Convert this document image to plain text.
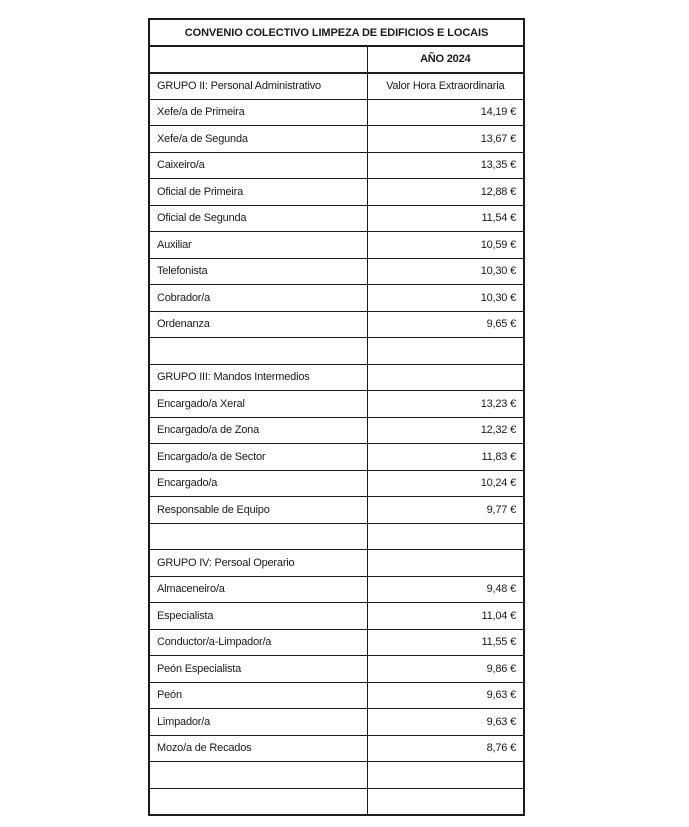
CONVENIO COLECTIVO LIMPEZA DE EDIFICIOS E LOCAIS	
	AÑO 2024
GRUPO II: Personal Administrativo	Valor Hora Extraordinaria
Xefe/a de Primeira	14,19 €
Xefe/a de Segunda	13,67 €
Caixeiro/a	13,35 €
Oficial de Primeira	12,88 €
Oficial de Segunda	11,54 €
Auxiliar	10,59 €
Telefonista	10,30 €
Cobrador/a	10,30 €
Ordenanza	9,65 €

GRUPO III: Mandos Intermedios	
Encargado/a Xeral	13,23 €
Encargado/a de Zona	12,32 €
Encargado/a de Sector	11,83 €
Encargado/a	10,24 €
Responsable de Equipo	9,77 €

GRUPO IV: Persoal Operario	
Almaceneiro/a	9,48 €
Especialista	11,04 €
Conductor/a-Limpador/a	11,55 €
Peón Especialista	9,86 €
Peón	9,63 €
Limpador/a	9,63 €
Mozo/a de Recados	8,76 €
